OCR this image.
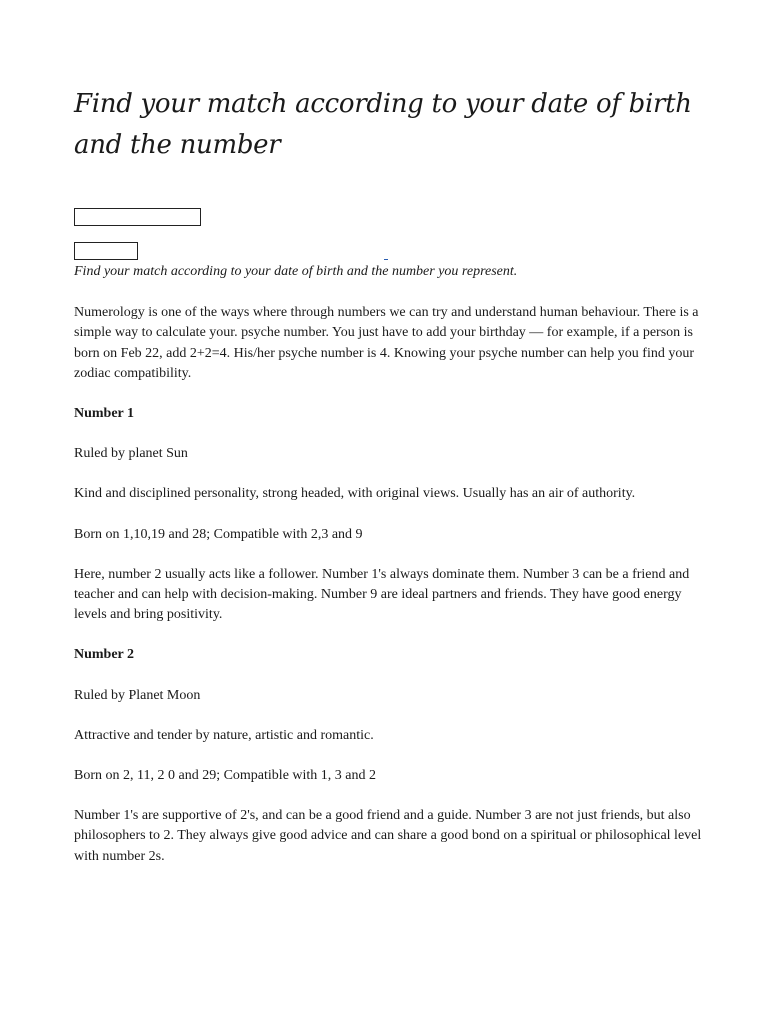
Find your match according to your date of birth and the number

Find your match according to your date of birth and the number you represent.

Numerology is one of the ways where through numbers we can try and understand human behaviour. There is a simple way to calculate your. psyche number. You just have to add your birthday — for example, if a person is born on Feb 22, add 2+2=4. His/her psyche number is 4. Knowing your psyche number can help you find your zodiac compatibility.

Number 1

Ruled by planet Sun

Kind and disciplined personality, strong headed, with original views. Usually has an air of authority.

Born on 1,10,19 and 28; Compatible with 2,3 and 9

Here, number 2 usually acts like a follower. Number 1's always dominate them. Number 3 can be a friend and teacher and can help with decision-making. Number 9 are ideal partners and friends. They have good energy levels and bring positivity.

Number 2

Ruled by Planet Moon

Attractive and tender by nature, artistic and romantic.

Born on 2, 11, 2 0 and 29; Compatible with 1, 3 and 2

Number 1's are supportive of 2's, and can be a good friend and a guide. Number 3 are not just friends, but also philosophers to 2. They always give good advice and can share a good bond on a spiritual or philosophical level with number 2s.
